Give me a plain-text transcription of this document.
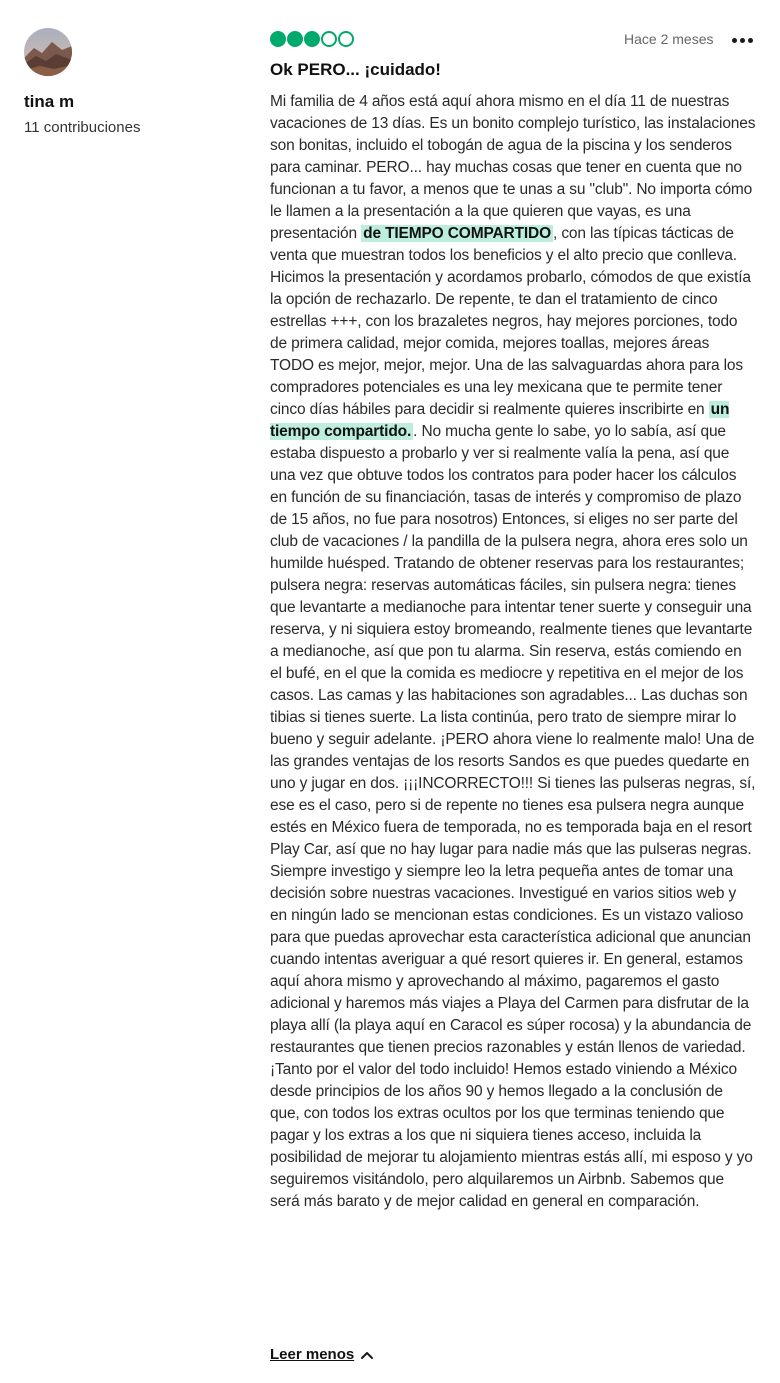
tina m
11 contribuciones
Hace 2 meses
Ok PERO... ¡cuidado!
Mi familia de 4 años está aquí ahora mismo en el día 11 de nuestras vacaciones de 13 días. Es un bonito complejo turístico, las instalaciones son bonitas, incluido el tobogán de agua de la piscina y los senderos para caminar. PERO... hay muchas cosas que tener en cuenta que no funcionan a tu favor, a menos que te unas a su "club". No importa cómo le llamen a la presentación a la que quieren que vayas, es una presentación de TIEMPO COMPARTIDO , con las típicas tácticas de venta que muestran todos los beneficios y el alto precio que conlleva. Hicimos la presentación y acordamos probarlo, cómodos de que existía la opción de rechazarlo. De repente, te dan el tratamiento de cinco estrellas +++, con los brazaletes negros, hay mejores porciones, todo de primera calidad, mejor comida, mejores toallas, mejores áreas TODO es mejor, mejor, mejor. Una de las salvaguardas ahora para los compradores potenciales es una ley mexicana que te permite tener cinco días hábiles para decidir si realmente quieres inscribirte en un tiempo compartido. . No mucha gente lo sabe, yo lo sabía, así que estaba dispuesto a probarlo y ver si realmente valía la pena, así que una vez que obtuve todos los contratos para poder hacer los cálculos en función de su financiación, tasas de interés y compromiso de plazo de 15 años, no fue para nosotros) Entonces, si eliges no ser parte del club de vacaciones / la pandilla de la pulsera negra, ahora eres solo un humilde huésped. Tratando de obtener reservas para los restaurantes; pulsera negra: reservas automáticas fáciles, sin pulsera negra: tienes que levantarte a medianoche para intentar tener suerte y conseguir una reserva, y ni siquiera estoy bromeando, realmente tienes que levantarte a medianoche, así que pon tu alarma. Sin reserva, estás comiendo en el bufé, en el que la comida es mediocre y repetitiva en el mejor de los casos. Las camas y las habitaciones son agradables... Las duchas son tibias si tienes suerte. La lista continúa, pero trato de siempre mirar lo bueno y seguir adelante. ¡PERO ahora viene lo realmente malo! Una de las grandes ventajas de los resorts Sandos es que puedes quedarte en uno y jugar en dos. ¡¡¡INCORRECTO!!! Si tienes las pulseras negras, sí, ese es el caso, pero si de repente no tienes esa pulsera negra aunque estés en México fuera de temporada, no es temporada baja en el resort Play Car, así que no hay lugar para nadie más que las pulseras negras. Siempre investigo y siempre leo la letra pequeña antes de tomar una decisión sobre nuestras vacaciones. Investigué en varios sitios web y en ningún lado se mencionan estas condiciones. Es un vistazo valioso para que puedas aprovechar esta característica adicional que anuncian cuando intentas averiguar a qué resort quieres ir. En general, estamos aquí ahora mismo y aprovechando al máximo, pagaremos el gasto adicional y haremos más viajes a Playa del Carmen para disfrutar de la playa allí (la playa aquí en Caracol es súper rocosa) y la abundancia de restaurantes que tienen precios razonables y están llenos de variedad. ¡Tanto por el valor del todo incluido! Hemos estado viniendo a México desde principios de los años 90 y hemos llegado a la conclusión de que, con todos los extras ocultos por los que terminas teniendo que pagar y los extras a los que ni siquiera tienes acceso, incluida la posibilidad de mejorar tu alojamiento mientras estás allí, mi esposo y yo seguiremos visitándolo, pero alquilaremos un Airbnb. Sabemos que será más barato y de mejor calidad en general en comparación.
Leer menos
